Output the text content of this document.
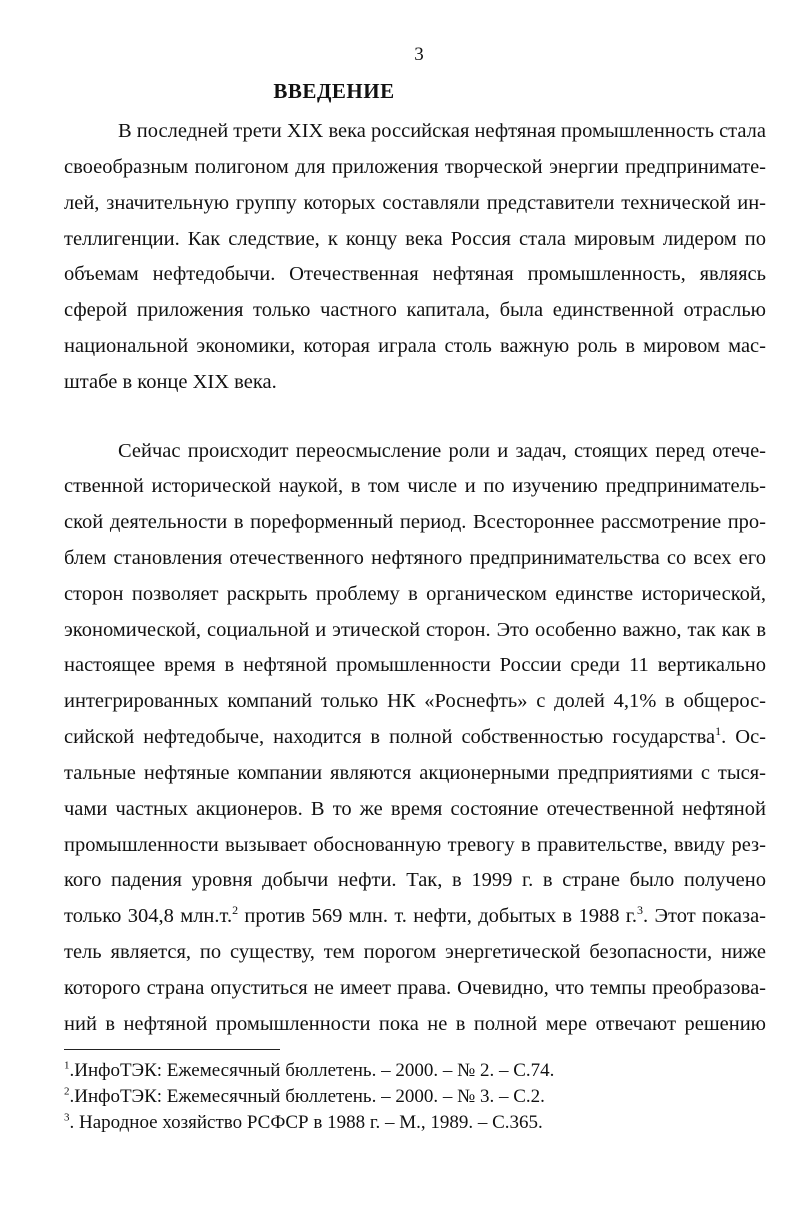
3
ВВЕДЕНИЕ
В последней трети XIX века российская нефтяная промышленность стала
своеобразным полигоном для приложения творческой энергии предпринимате-
лей, значительную группу которых составляли представители технической ин-
теллигенции. Как следствие, к концу века Россия стала мировым лидером по
объемам нефтедобычи. Отечественная нефтяная промышленность, являясь
сферой приложения только частного капитала, была единственной отраслью
национальной экономики, которая играла столь важную роль в мировом мас-
штабе в конце XIX века.
Сейчас происходит переосмысление роли и задач, стоящих перед отече-
ственной исторической наукой, в том числе и по изучению предприниматель-
ской деятельности в пореформенный период. Всестороннее рассмотрение про-
блем становления отечественного нефтяного предпринимательства со всех его
сторон позволяет раскрыть проблему в органическом единстве исторической,
экономической, социальной и этической сторон. Это особенно важно, так как в
настоящее время в нефтяной промышленности России среди 11 вертикально
интегрированных компаний только НК «Роснефть» с долей 4,1% в общерос-
сийской нефтедобыче, находится в полной собственностью государства$^1$. Ос-
тальные нефтяные компании являются акционерными предприятиями с тыся-
чами частных акционеров. В то же время состояние отечественной нефтяной
промышленности вызывает обоснованную тревогу в правительстве, ввиду рез-
кого падения уровня добычи нефти. Так, в 1999 г. в стране было получено
только 304,8 млн.т.$^2$ против 569 млн. т. нефти, добытых в 1988 г.$^3$. Этот показа-
тель является, по существу, тем порогом энергетической безопасности, ниже
которого страна опуститься не имеет права. Очевидно, что темпы преобразова-
ний в нефтяной промышленности пока не в полной мере отвечают решению
$^1$.ИнфоТЭК: Ежемесячный бюллетень. – 2000. – № 2. – С.74.
$^2$.ИнфоТЭК: Ежемесячный бюллетень. – 2000. – № 3. – С.2.
$^3$. Народное хозяйство РСФСР в 1988 г. – М., 1989. – С.365.
